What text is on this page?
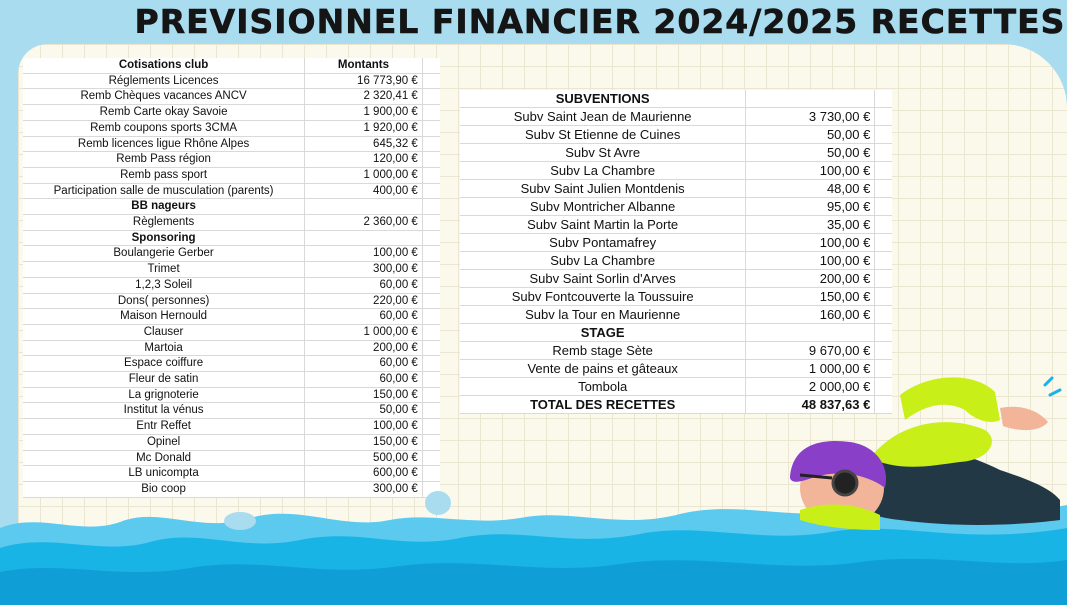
PREVISIONNEL FINANCIER 2024/2025 RECETTES
Cotisations club	Montants	
Réglements Licences	16 773,90 €	
Remb Chèques vacances ANCV	2 320,41 €	
Remb Carte okay Savoie	1 900,00 €	
Remb coupons sports 3CMA	1 920,00 €	
Remb licences ligue Rhône Alpes	645,32 €	
Remb Pass région	120,00 €	
Remb pass sport	1 000,00 €	
Participation salle de musculation (parents)	400,00 €	
BB nageurs		
Règlements	2 360,00 €	
Sponsoring		
Boulangerie Gerber	100,00 €	
Trimet	300,00 €	
1,2,3 Soleil	60,00 €	
Dons( personnes)	220,00 €	
Maison Hernould	60,00 €	
Clauser	1 000,00 €	
Martoia	200,00 €	
Espace coiffure	60,00 €	
Fleur de satin	60,00 €	
La grignoterie	150,00 €	
Institut la vénus	50,00 €	
Entr Reffet	100,00 €	
Opinel	150,00 €	
Mc Donald	500,00 €	
LB unicompta	600,00 €	
Bio coop	300,00 €	
SUBVENTIONS		
Subv Saint Jean de Maurienne	3 730,00 €	
Subv St Etienne de Cuines	50,00 €	
Subv St Avre	50,00 €	
Subv La Chambre	100,00 €	
Subv Saint Julien Montdenis	48,00 €	
Subv Montricher Albanne	95,00 €	
Subv Saint Martin la Porte	35,00 €	
Subv Pontamafrey	100,00 €	
Subv La Chambre	100,00 €	
Subv Saint Sorlin d'Arves	200,00 €	
Subv Fontcouverte la Toussuire	150,00 €	
Subv la Tour en Maurienne	160,00 €	
STAGE		
Remb stage Sète	9 670,00 €	
Vente de pains et gâteaux	1 000,00 €	
Tombola	2 000,00 €	
TOTAL DES RECETTES	48 837,63 €	
